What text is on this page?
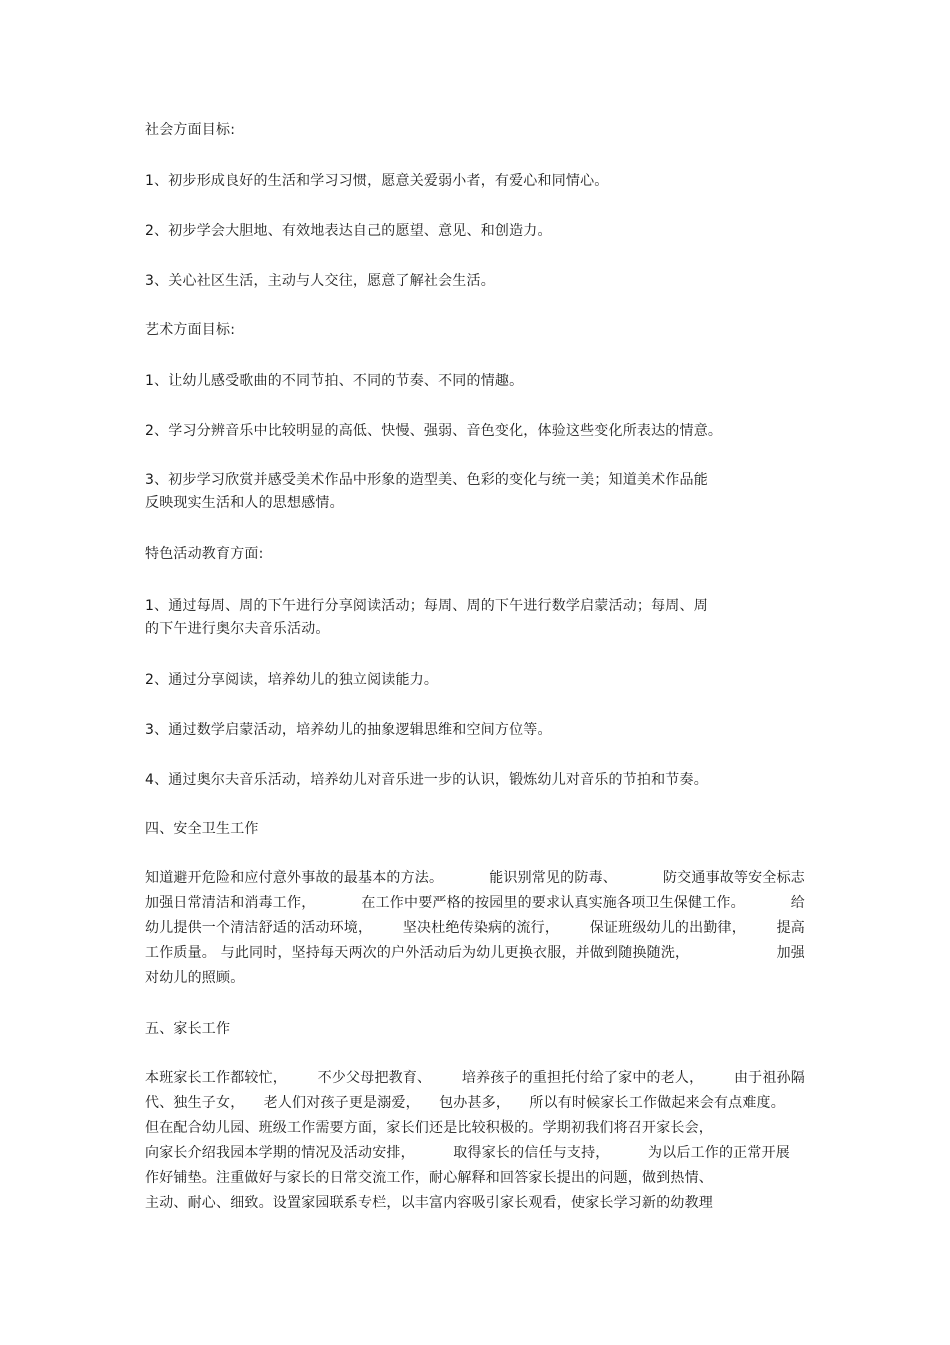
社会方面目标:
1、初步形成良好的生活和学习习惯，愿意关爱弱小者，有爱心和同情心。
2、初步学会大胆地、有效地表达自己的愿望、意见、和创造力。
3、关心社区生活，主动与人交往，愿意了解社会生活。
艺术方面目标:
1、让幼儿感受歌曲的不同节拍、不同的节奏、不同的情趣。
2、学习分辨音乐中比较明显的高低、快慢、强弱、音色变化，体验这些变化所表达的情意。
3、初步学习欣赏并感受美术作品中形象的造型美、色彩的变化与统一美；知道美术作品能
反映现实生活和人的思想感情。
特色活动教育方面:
1、通过每周、周的下午进行分享阅读活动；每周、周的下午进行数学启蒙活动；每周、周
的下午进行奥尔夫音乐活动。
2、通过分享阅读，培养幼儿的独立阅读能力。
3、通过数学启蒙活动，培养幼儿的抽象逻辑思维和空间方位等。
4、通过奥尔夫音乐活动，培养幼儿对音乐进一步的认识，锻炼幼儿对音乐的节拍和节奏。
四、安全卫生工作
知道避开危险和应付意外事故的最基本的方法。	能识别常见的防毒、	防交通事故等安全标志
加强日常清洁和消毒工作，	在工作中要严格的按园里的要求认真实施各项卫生保健工作。	给
幼儿提供一个清洁舒适的活动环境， 坚决杜绝传染病的流行， 保证班级幼儿的出勤律， 提高
工作质量。 与此同时，坚持每天两次的户外活动后为幼儿更换衣服，并做到随换随洗，	加强
对幼儿的照顾。
五、家长工作
本班家长工作都较忙， 不少父母把教育、 培养孩子的重担托付给了家中的老人， 由于祖孙隔
代、独生子女， 老人们对孩子更是溺爱， 包办甚多， 所以有时候家长工作做起来会有点难度。
但在配合幼儿园、班级工作需要方面，家长们还是比较积极的。学期初我们将召开家长会，
向家长介绍我园本学期的情况及活动安排，	取得家长的信任与支持，	为以后工作的正常开展
作好铺垫。注重做好与家长的日常交流工作，耐心解释和回答家长提出的问题，做到热情、
主动、耐心、细致。设置家园联系专栏，以丰富内容吸引家长观看，使家长学习新的幼教理
